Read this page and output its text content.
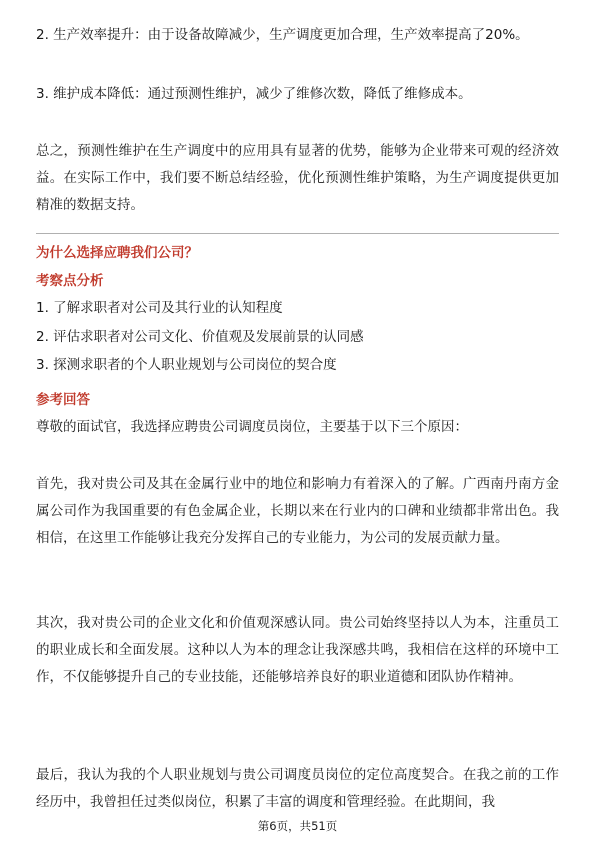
2. 生产效率提升：由于设备故障减少，生产调度更加合理，生产效率提高了20%。

3. 维护成本降低：通过预测性维护，减少了维修次数，降低了维修成本。

总之，预测性维护在生产调度中的应用具有显著的优势，能够为企业带来可观的经济效益。在实际工作中，我们要不断总结经验，优化预测性维护策略，为生产调度提供更加精准的数据支持。

为什么选择应聘我们公司？

考察点分析

1. 了解求职者对公司及其行业的认知程度

2. 评估求职者对公司文化、价值观及发展前景的认同感

3. 探测求职者的个人职业规划与公司岗位的契合度

参考回答

尊敬的面试官，我选择应聘贵公司调度员岗位，主要基于以下三个原因：

首先，我对贵公司及其在金属行业中的地位和影响力有着深入的了解。广西南丹南方金属公司作为我国重要的有色金属企业，长期以来在行业内的口碑和业绩都非常出色。我相信，在这里工作能够让我充分发挥自己的专业能力，为公司的发展贡献力量。

其次，我对贵公司的企业文化和价值观深感认同。贵公司始终坚持以人为本，注重员工的职业成长和全面发展。这种以人为本的理念让我深感共鸣，我相信在这样的环境中工作，不仅能够提升自己的专业技能，还能够培养良好的职业道德和团队协作精神。

最后，我认为我的个人职业规划与贵公司调度员岗位的定位高度契合。在我之前的工作经历中，我曾担任过类似岗位，积累了丰富的调度和管理经验。在此期间，我

第6页，共51页
